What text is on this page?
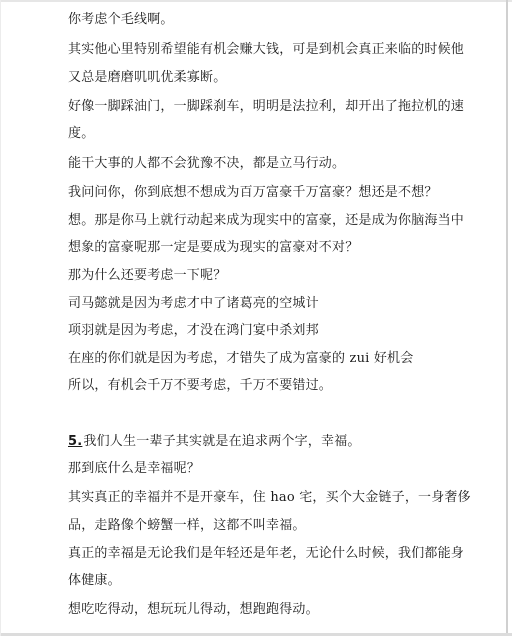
你考虑个毛线啊。
其实他心里特别希望能有机会赚大钱，可是到机会真正来临的时候他
又总是磨磨叽叽优柔寡断。
好像一脚踩油门，一脚踩刹车，明明是法拉利，却开出了拖拉机的速
度。
能干大事的人都不会犹豫不决，都是立马行动。
我问问你，你到底想不想成为百万富豪千万富豪？想还是不想？
想。那是你马上就行动起来成为现实中的富豪，还是成为你脑海当中
想象的富豪呢那一定是要成为现实的富豪对不对？
那为什么还要考虑一下呢？
司马懿就是因为考虑才中了诸葛亮的空城计
项羽就是因为考虑，才没在鸿门宴中杀刘邦
在座的你们就是因为考虑，才错失了成为富豪的 zui 好机会
所以，有机会千万不要考虑，千万不要错过。
5.我们人生一辈子其实就是在追求两个字，幸福。
那到底什么是幸福呢？
其实真正的幸福并不是开豪车，住 hao 宅，买个大金链子，一身奢侈
品，走路像个螃蟹一样，这都不叫幸福。
真正的幸福是无论我们是年轻还是年老，无论什么时候，我们都能身
体健康。
想吃吃得动，想玩玩儿得动，想跑跑得动。
